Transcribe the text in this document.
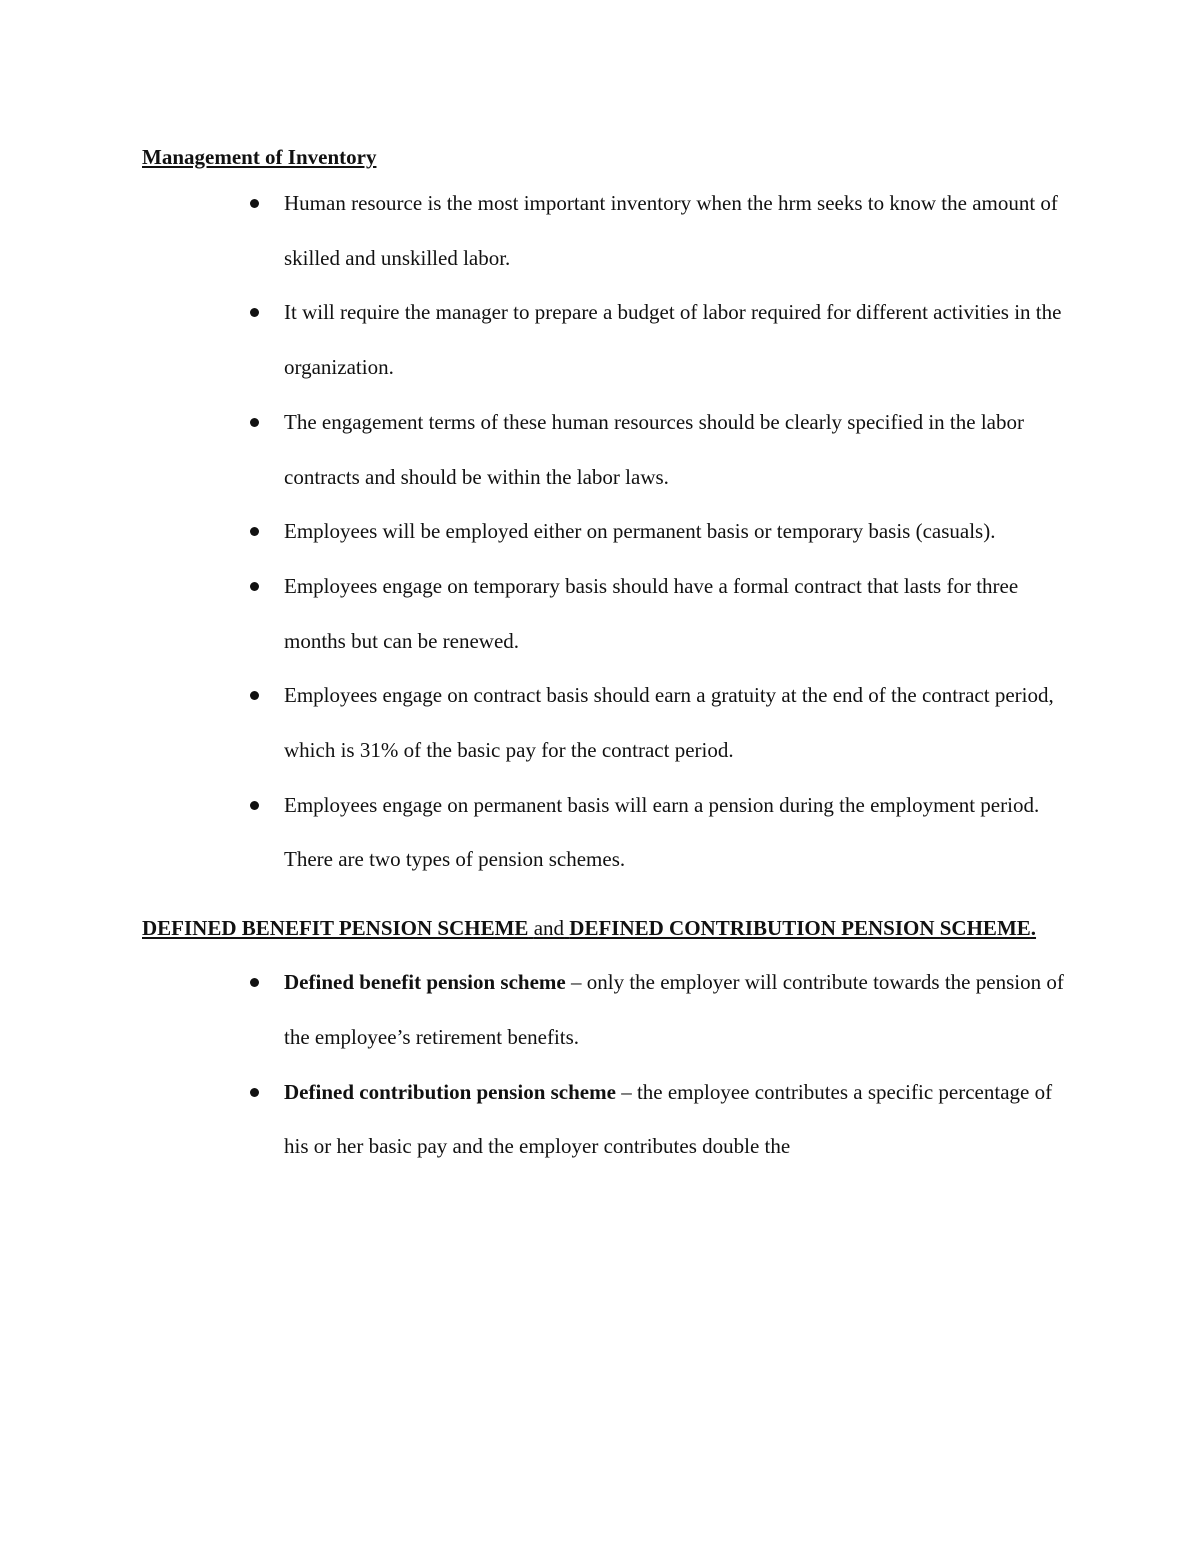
Management of Inventory

Human resource is the most important inventory when the hrm seeks to know the amount of skilled and unskilled labor.
It will require the manager to prepare a budget of labor required for different activities in the organization.
The engagement terms of these human resources should be clearly specified in the labor contracts and should be within the labor laws.
Employees will be employed either on permanent basis or temporary basis (casuals).
Employees engage on temporary basis should have a formal contract that lasts for three months but can be renewed.
Employees engage on contract basis should earn a gratuity at the end of the contract period, which is 31% of the basic pay for the contract period.
Employees engage on permanent basis will earn a pension during the employment period. There are two types of pension schemes.

DEFINED BENEFIT PENSION SCHEME and DEFINED CONTRIBUTION PENSION SCHEME.

Defined benefit pension scheme – only the employer will contribute towards the pension of the employee’s retirement benefits.
Defined contribution pension scheme – the employee contributes a specific percentage of his or her basic pay and the employer contributes double the
